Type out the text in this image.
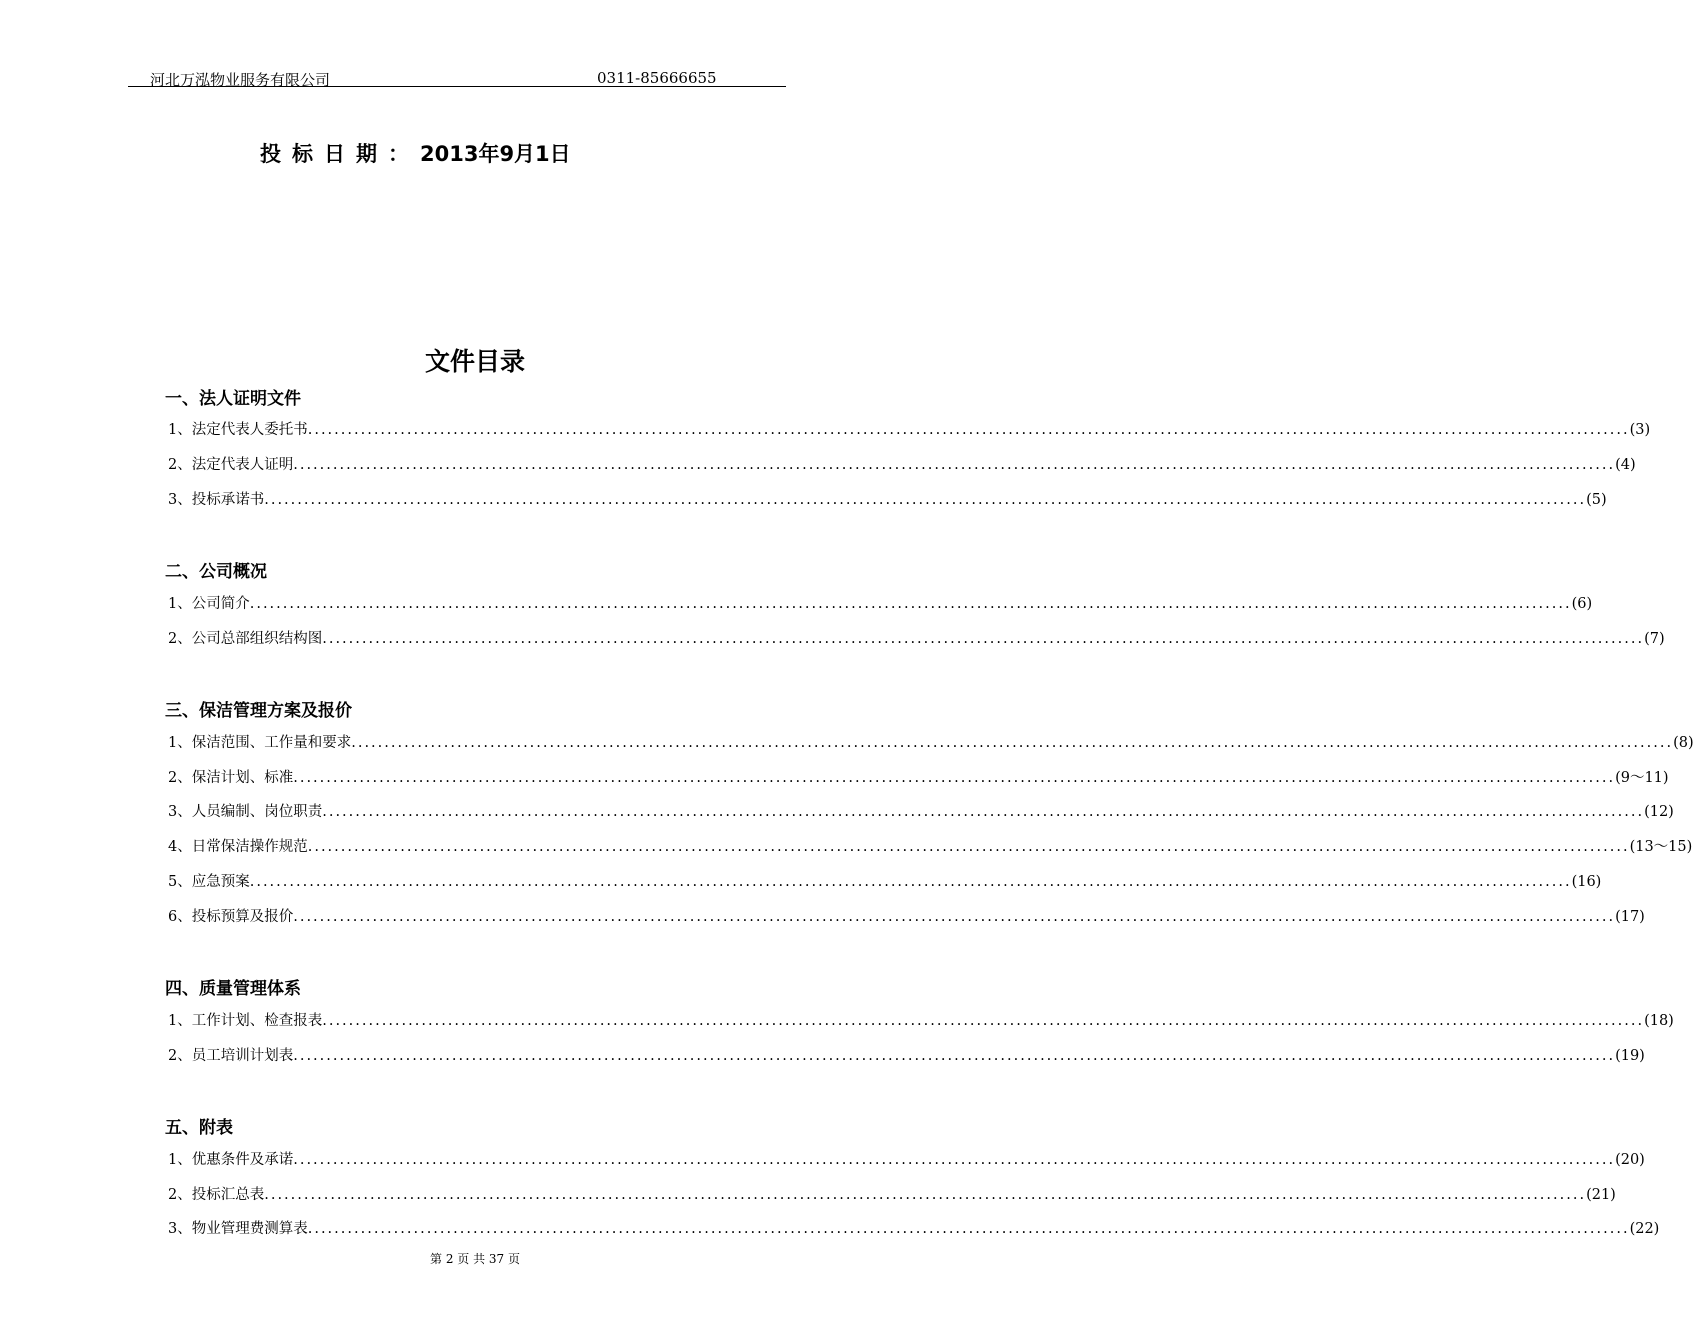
河北万泓物业服务有限公司	0311-85666655
投标日期：2013年9月1日
文件目录
一、法人证明文件
1、法定代表人委托书 ........................................................................................................................................................................................................ (3)
2、法定代表人证明 ........................................................................................................................................................................................................ (4)
3、投标承诺书 ........................................................................................................................................................................................................ (5)
二、公司概况
1、公司简介 ........................................................................................................................................................................................................ (6)
2、公司总部组织结构图 ........................................................................................................................................................................................................ (7)
三、保洁管理方案及报价
1、保洁范围、工作量和要求 ........................................................................................................................................................................................................ (8)
2、保洁计划、标准 ........................................................................................................................................................................................................ (9～11)
3、人员编制、岗位职责 ........................................................................................................................................................................................................ (12)
4、日常保洁操作规范 ........................................................................................................................................................................................................ (13～15)
5、应急预案 ........................................................................................................................................................................................................ (16)
6、投标预算及报价 ........................................................................................................................................................................................................ (17)
四、质量管理体系
1、工作计划、检查报表 ........................................................................................................................................................................................................ (18)
2、员工培训计划表 ........................................................................................................................................................................................................ (19)
五、附表
1、优惠条件及承诺 ........................................................................................................................................................................................................ (20)
2、投标汇总表 ........................................................................................................................................................................................................ (21)
3、物业管理费测算表 ........................................................................................................................................................................................................ (22)
第 2 页 共 37 页
